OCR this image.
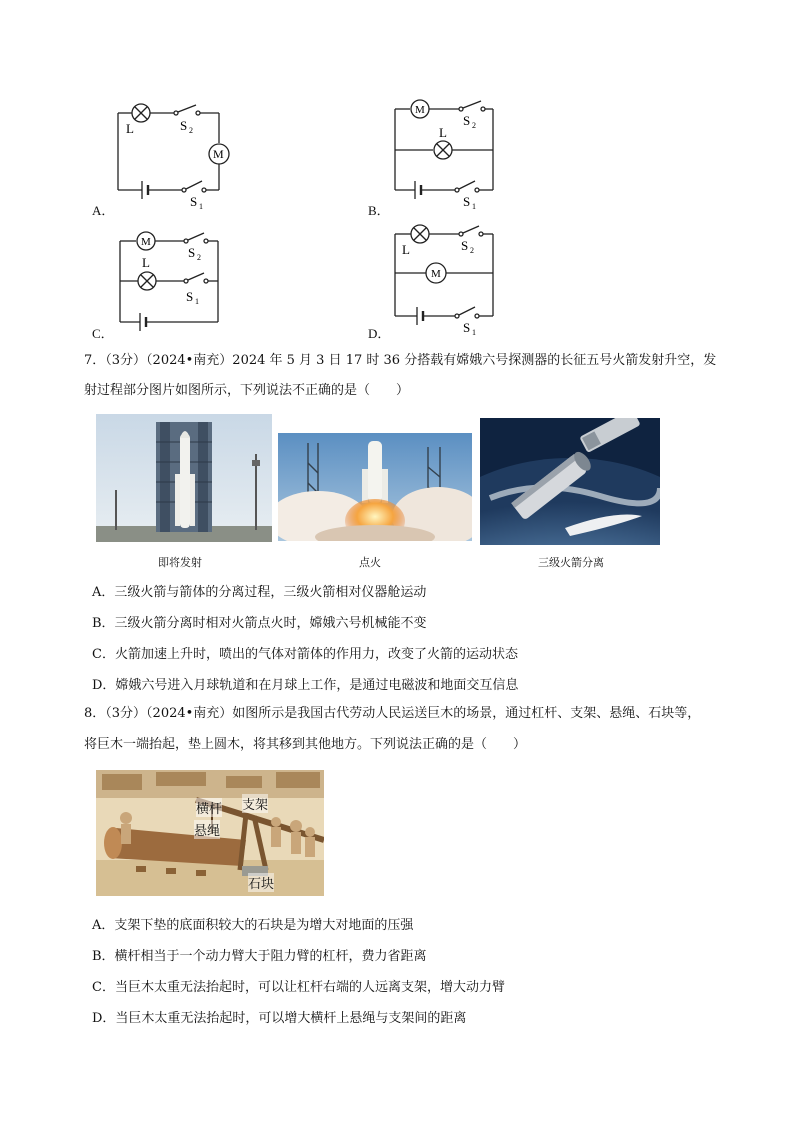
L
M
S 2
S 1
A．
M
L
S 2
S 1
B．
M
L
S 2
S 1
C．
L
M
S 2
S 1
D．
7．（3分）（2024•南充）2024 年 5 月 3 日 17 时 36 分搭载有嫦娥六号探测器的长征五号火箭发射升空，发
射过程部分图片如图所示，下列说法不正确的是（　　）
即将发射	点火	三级火箭分离
A．三级火箭与箭体的分离过程，三级火箭相对仪器舱运动
B．三级火箭分离时相对火箭点火时，嫦娥六号机械能不变
C．火箭加速上升时，喷出的气体对箭体的作用力，改变了火箭的运动状态
D．嫦娥六号进入月球轨道和在月球上工作，是通过电磁波和地面交互信息
8．（3分）（2024•南充）如图所示是我国古代劳动人民运送巨木的场景，通过杠杆、支架、悬绳、石块等，
将巨木一端抬起，垫上圆木，将其移到其他地方。下列说法正确的是（　　）
横杆 支架
悬绳
石块
A．支架下垫的底面积较大的石块是为增大对地面的压强
B．横杆相当于一个动力臂大于阻力臂的杠杆，费力省距离
C．当巨木太重无法抬起时，可以让杠杆右端的人远离支架，增大动力臂
D．当巨木太重无法抬起时，可以增大横杆上悬绳与支架间的距离
